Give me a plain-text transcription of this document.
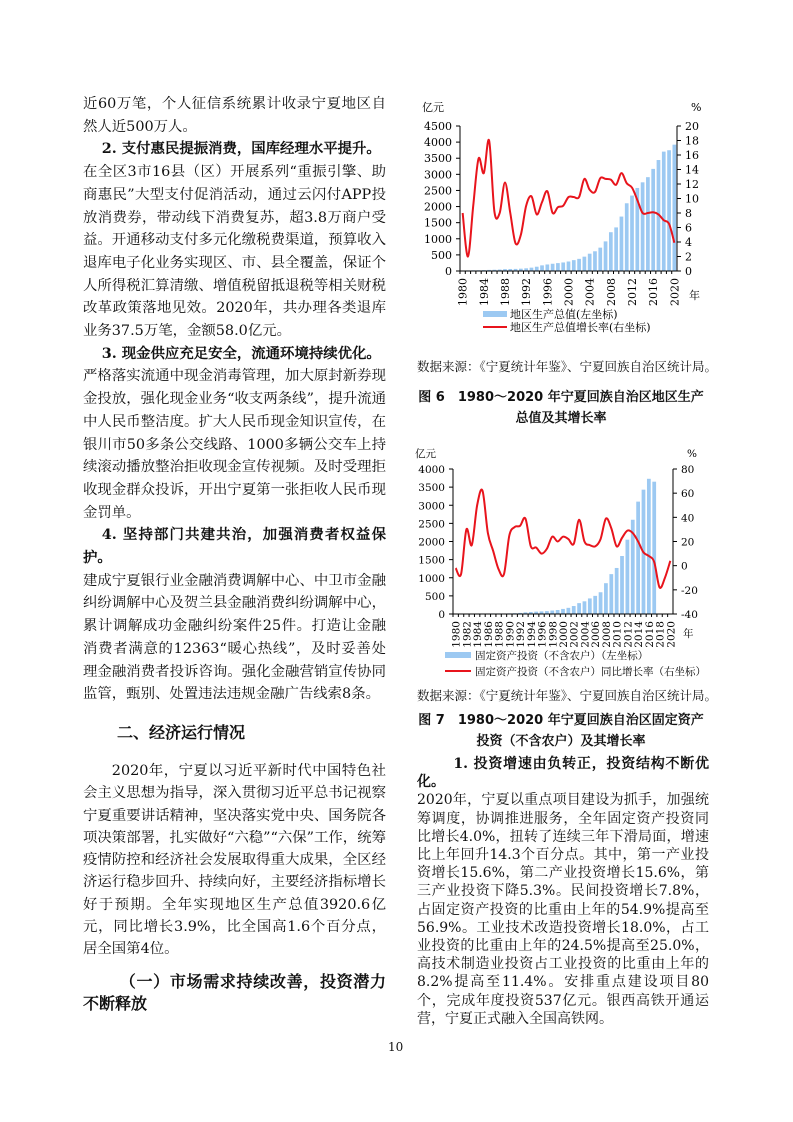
近60万笔，个人征信系统累计收录宁夏地区自然人近500万人。

2. 支付惠民提振消费，国库经理水平提升。

在全区3市16县（区）开展系列“重振引擎、助商惠民”大型支付促消活动，通过云闪付APP投放消费券，带动线下消费复苏，超3.8万商户受益。开通移动支付多元化缴税费渠道，预算收入退库电子化业务实现区、市、县全覆盖，保证个人所得税汇算清缴、增值税留抵退税等相关财税改革政策落地见效。2020年，共办理各类退库业务37.5万笔，金额58.0亿元。

3. 现金供应充足安全，流通环境持续优化。

严格落实流通中现金消毒管理，加大原封新券现金投放，强化现金业务“收支两条线”，提升流通中人民币整洁度。扩大人民币现金知识宣传，在银川市50多条公交线路、1000多辆公交车上持续滚动播放整治拒收现金宣传视频。及时受理拒收现金群众投诉，开出宁夏第一张拒收人民币现金罚单。

4. 坚持部门共建共治，加强消费者权益保护。

建成宁夏银行业金融消费调解中心、中卫市金融纠纷调解中心及贺兰县金融消费纠纷调解中心，累计调解成功金融纠纷案件25件。打造让金融消费者满意的12363“暖心热线”，及时妥善处理金融消费者投诉咨询。强化金融营销宣传协同监管，甄别、处置违法违规金融广告线索8条。

二、经济运行情况

2020年，宁夏以习近平新时代中国特色社会主义思想为指导，深入贯彻习近平总书记视察宁夏重要讲话精神，坚决落实党中央、国务院各项决策部署，扎实做好“六稳”“六保”工作，统筹疫情防控和经济社会发展取得重大成果，全区经济运行稳步回升、持续向好，主要经济指标增长好于预期。全年实现地区生产总值3920.6亿元，同比增长3.9%，比全国高1.6个百分点，居全国第4位。

（一）市场需求持续改善，投资潜力不断释放
0
500
1000
1500
2000
2500
3000
3500
4000
4500
0
2
4
6
8
10
12
14
16
18
20
1980 1984 1988 1992 1996 2000 2004 2008 2012 2016 2020
亿元	%
年
地区生产总值(左坐标)
地区生产总值增长率(右坐标)
数据来源：《宁夏统计年鉴》、宁夏回族自治区统计局。
图 6　1980～2020 年宁夏回族自治区地区生产
总值及其增长率
0
500
1000
1500
2000
2500
3000
3500
4000
-40
-20
0
20
40
60
80
1980
1982
1984
1986
1988
1990
1992
1994
1996
1998
2000
2002
2004
2006
2008
2010
2012
2014
2016
2018
2020
亿元	%
年
固定资产投资（不含农户）（左坐标）
固定资产投资（不含农户）同比增长率（右坐标）
数据来源：《宁夏统计年鉴》、宁夏回族自治区统计局。
图 7　1980～2020 年宁夏回族自治区固定资产
投资（不含农户）及其增长率

1. 投资增速由负转正，投资结构不断优化。

2020年，宁夏以重点项目建设为抓手，加强统筹调度，协调推进服务，全年固定资产投资同比增长4.0%，扭转了连续三年下滑局面，增速比上年回升14.3个百分点。其中，第一产业投资增长15.6%，第二产业投资增长15.6%，第三产业投资下降5.3%。民间投资增长7.8%，占固定资产投资的比重由上年的54.9%提高至56.9%。工业技术改造投资增长18.0%，占工业投资的比重由上年的24.5%提高至25.0%，高技术制造业投资占工业投资的比重由上年的8.2%提高至11.4%。安排重点建设项目80个，完成年度投资537亿元。银西高铁开通运营，宁夏正式融入全国高铁网。

10
